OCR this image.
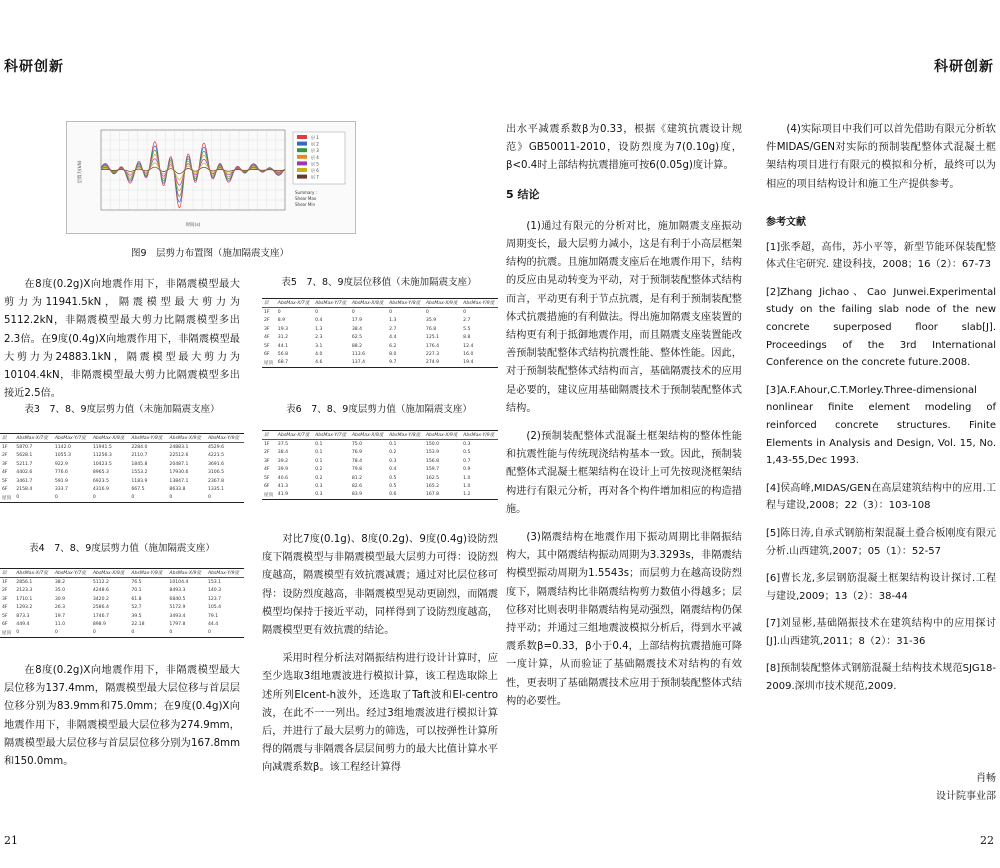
科研创新	科研创新
层 1
层 2
层 3
层 4
层 5
层 6
层 7
Summary :
Shear Max
Shear Min
层剪力(kN)
时间(s)
图9　层剪力布置图（施加隔震支座）

在8度(0.2g)X向地震作用下，非隔震模型最大剪力为11941.5kN，隔震模型最大剪力为5112.2kN，非隔震模型最大剪力比隔震模型多出2.3倍。在9度(0.4g)X向地震作用下，非隔震模型最大剪力为24883.1kN，隔震模型最大剪力为10104.4kN，非隔震模型最大剪力比隔震模型多出接近2.5倍。

表3　7、8、9度层剪力值（未施加隔震支座）
层	AbsMax-X/7度	AbsMax-Y/7度	AbsMax-X/8度	AbsMax-Y/8度	AbsMax-X/9度	AbsMax-Y/9度
1F	5870.7	1142.0	11941.5	2284.0	24883.1	4529.6
2F	5628.1	1055.3	11256.3	2110.7	22512.6	4221.5
3F	5211.7	922.9	10423.5	1845.8	20487.1	3691.6
4F	4402.6	776.6	8965.3	1553.2	17930.6	3106.5
5F	3461.7	591.9	6923.5	1183.9	13847.1	2367.8
6F	2158.4	333.7	4316.9	667.5	8633.8	1335.1
屋顶	0	0	0	0	0	0
表4　7、8、9度层剪力值（施加隔震支座）
层	AbsMax-X/7度	AbsMax-Y/7度	AbsMax-X/8度	AbsMax-Y/8度	AbsMax-X/9度	AbsMax-Y/9度
1F	2856.1	38.2	5112.2	76.5	10104.4	153.1
2F	2123.3	35.0	4248.6	70.1	8493.3	140.3
3F	1710.1	30.9	3420.2	61.8	6840.5	123.7
4F	1293.2	26.3	2586.4	52.7	5172.9	105.4
5F	873.3	19.7	1746.7	39.5	3493.4	79.1
6F	449.4	11.0	898.9	22.18	1797.8	44.4
屋顶	0	0	0	0	0	0

在8度(0.2g)X向地震作用下，非隔震模型最大层位移为137.4mm，隔震模型最大层位移与首层层位移分别为83.9mm和75.0mm；在9度(0.4g)X向地震作用下，非隔震模型最大层位移为274.9mm，隔震模型最大层位移与首层层位移分别为167.8mm和150.0mm。

表5　7、8、9度层位移值（未施加隔震支座）
层	AbsMax-X/7度	AbsMax-Y/7度	AbsMax-X/8度	AbsMax-Y/8度	AbsMax-X/9度	AbsMax-Y/9度
1F	0	0	0	0	0	0
2F	8.9	0.4	17.9	1.3	35.9	2.7
3F	19.3	1.3	38.4	2.7	76.8	5.5
4F	31.2	2.3	62.5	4.4	125.1	8.8
5F	44.1	3.1	88.2	6.2	176.4	12.4
6F	56.8	4.0	113.6	8.0	227.3	16.0
屋顶	68.7	4.6	137.4	9.7	274.9	19.4
表6　7、8、9度层剪力值（施加隔震支座）
层	AbsMax-X/7度	AbsMax-Y/7度	AbsMax-X/8度	AbsMax-Y/8度	AbsMax-X/9度	AbsMax-Y/9度
1F	37.5	0.1	75.0	0.1	150.0	0.3
2F	38.4	0.1	76.9	0.2	153.9	0.5
3F	39.2	0.1	78.4	0.3	156.8	0.7
4F	39.9	0.2	79.8	0.4	159.7	0.9
5F	40.6	0.2	81.2	0.5	162.5	1.0
6F	41.3	0.3	82.6	0.5	165.2	1.0
屋顶	41.9	0.3	83.9	0.6	167.8	1.2

对比7度(0.1g)、8度(0.2g)、9度(0.4g)设防烈度下隔震模型与非隔震模型最大层剪力可得：设防烈度越高，隔震模型有效抗震减震；通过对比层位移可得：设防烈度越高，非隔震模型晃动更剧烈，而隔震模型均保持于接近平动，同样得到了设防烈度越高，隔震模型更有效抗震的结论。

采用时程分析法对隔振结构进行设计计算时，应至少选取3组地震波进行模拟计算，该工程选取除上述所列Elcent-h波外，还选取了Taft波和El-centro波，在此不一一列出。经过3组地震波进行模拟计算后，并进行了最大层剪力的筛选，可以按弹性计算所得的隔震与非隔震各层层间剪力的最大比值计算水平向减震系数β。该工程经计算得

出水平减震系数β为0.33，根据《建筑抗震设计规范》GB50011-2010，设防烈度为7(0.10g)度，β<0.4时上部结构抗震措施可按6(0.05g)度计算。

5 结论

(1)通过有限元的分析对比，施加隔震支座振动周期变长，最大层剪力减小，这是有利于小高层框架结构的抗震。且施加隔震支座后在地震作用下，结构的反应由晃动转变为平动，对于预制装配整体式结构而言，平动更有利于节点抗震，是有利于预制装配整体式抗震措施的有利做法。得出施加隔震支座装置的结构更有利于抵御地震作用，而且隔震支座装置能改善预制装配整体式结构抗震性能、整体性能。因此，对于预制装配整体式结构而言，基础隔震技术的应用是必要的，建议应用基础隔震技术于预制装配整体式结构。

(2)预制装配整体式混凝土框架结构的整体性能和抗震性能与传统现浇结构基本一致。因此，预制装配整体式混凝土框架结构在设计上可先按现浇框架结构进行有限元分析，再对各个构件增加相应的构造措施。

(3)隔震结构在地震作用下振动周期比非隔振结构大，其中隔震结构振动周期为3.3293s，非隔震结构模型振动周期为1.5543s；而层剪力在越高设防烈度下，隔震结构比非隔震结构剪力数值小得越多；层位移对比则表明非隔震结构晃动强烈，隔震结构仍保持平动；并通过三组地震波模拟分析后，得到水平减震系数β=0.33，β小于0.4，上部结构抗震措施可降一度计算，从而验证了基础隔震技术对结构的有效性，更表明了基础隔震技术应用于预制装配整体式结构的必要性。

(4)实际项目中我们可以首先借助有限元分析软件MIDAS/GEN对实际的预制装配整体式混凝土框架结构项目进行有限元的模拟和分析，最终可以为相应的项目结构设计和施工生产提供参考。

参考文献

[1]张季超，高伟，苏小平等，新型节能环保装配整体式住宅研究. 建设科技，2008；16（2）：67-73

[2]Zhang Jichao、Cao Junwei.Experimental study on the failing slab node of the new concrete superposed floor slab[J]. Proceedings of the 3rd International Conference on the concrete future.2008.

[3]A.F.Ahour,C.T.Morley.Three-dimensional nonlinear finite element modeling of reinforced concrete structures. Finite Elements in Analysis and Design, Vol. 15, No. 1,43-55,Dec 1993.

[4]侯高峰,MIDAS/GEN在高层建筑结构中的应用.工程与建设,2008；22（3）：103-108

[5]陈日涛,自承式钢筋桁架混凝土叠合板刚度有限元分析.山西建筑,2007；05（1）：52-57

[6]曹长龙,多层钢筋混凝土框架结构设计探讨.工程与建设,2009；13（2）：38-44

[7]刘显彬,基础隔振技术在建筑结构中的应用探讨[J].山西建筑,2011；8（2）：31-36

[8]预制装配整体式钢筋混凝土结构技术规范SJG18-2009.深圳市技术规范,2009.

肖畅
设计院事业部
21	22
